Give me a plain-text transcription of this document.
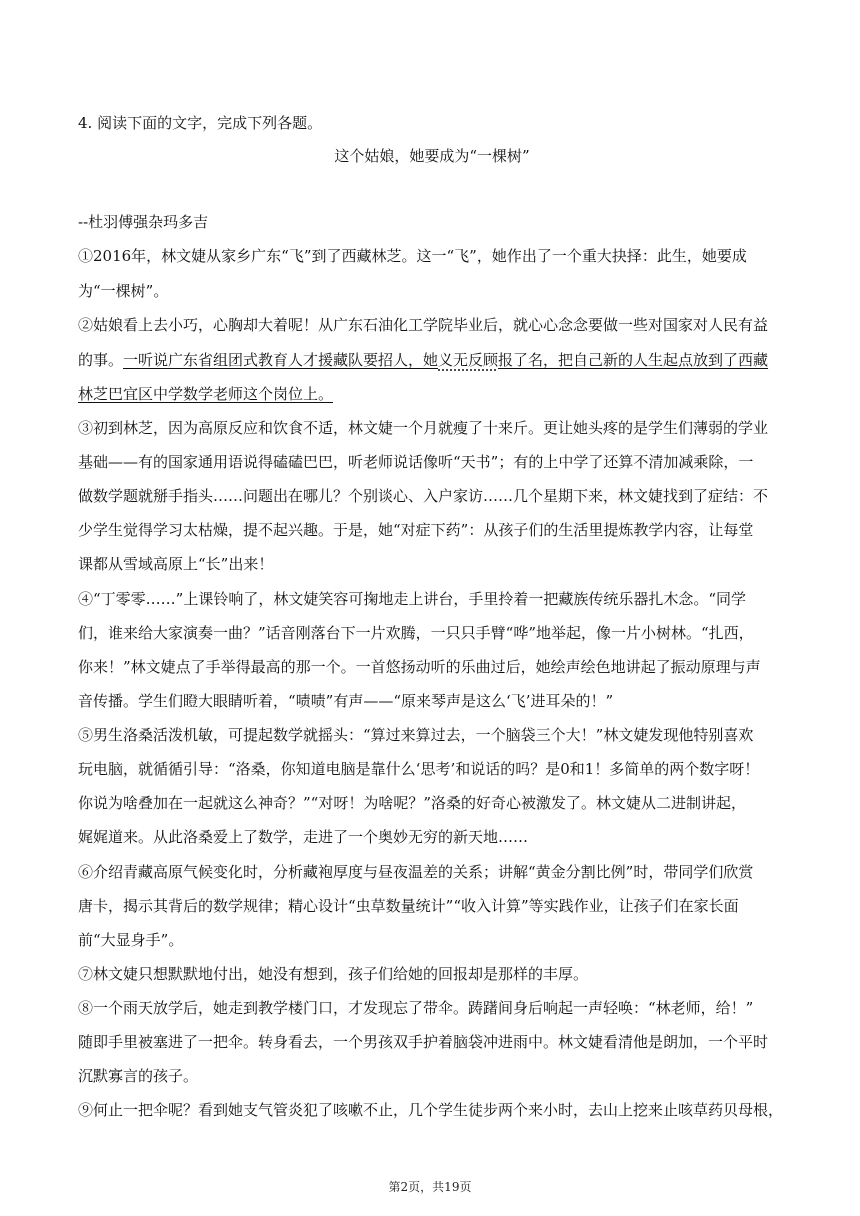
4. 阅读下面的文字，完成下列各题。
这个姑娘，她要成为“一棵树”
--杜羽傅强杂玛多吉
①2016年，林文婕从家乡广东“飞”到了西藏林芝。这一“飞”，她作出了一个重大抉择：此生，她要成
为“一棵树”。
②姑娘看上去小巧，心胸却大着呢！从广东石油化工学院毕业后，就心心念念要做一些对国家对人民有益
的事。一听说广东省组团式教育人才援藏队要招人，她义无反顾报了名，把自己新的人生起点放到了西藏
林芝巴宜区中学数学老师这个岗位上。
③初到林芝，因为高原反应和饮食不适，林文婕一个月就瘦了十来斤。更让她头疼的是学生们薄弱的学业
基础——有的国家通用语说得磕磕巴巴，听老师说话像听“天书”；有的上中学了还算不清加减乘除，一
做数学题就掰手指头……问题出在哪儿？个别谈心、入户家访……几个星期下来，林文婕找到了症结：不
少学生觉得学习太枯燥，提不起兴趣。于是，她“对症下药”：从孩子们的生活里提炼教学内容，让每堂
课都从雪域高原上“长”出来！
④“丁零零……”上课铃响了，林文婕笑容可掬地走上讲台，手里拎着一把藏族传统乐器扎木念。“同学
们，谁来给大家演奏一曲？”话音刚落台下一片欢腾，一只只手臂“哗”地举起，像一片小树林。“扎西，
你来！”林文婕点了手举得最高的那一个。一首悠扬动听的乐曲过后，她绘声绘色地讲起了振动原理与声
音传播。学生们瞪大眼睛听着，“啧啧”有声——“原来琴声是这么‘飞’进耳朵的！”
⑤男生洛桑活泼机敏，可提起数学就摇头：“算过来算过去，一个脑袋三个大！”林文婕发现他特别喜欢
玩电脑，就循循引导：“洛桑，你知道电脑是靠什么‘思考’和说话的吗？是0和1！多简单的两个数字呀！
你说为啥叠加在一起就这么神奇？”“对呀！为啥呢？”洛桑的好奇心被激发了。林文婕从二进制讲起，
娓娓道来。从此洛桑爱上了数学，走进了一个奥妙无穷的新天地……
⑥介绍青藏高原气候变化时，分析藏袍厚度与昼夜温差的关系；讲解“黄金分割比例”时，带同学们欣赏
唐卡，揭示其背后的数学规律；精心设计“虫草数量统计”“收入计算”等实践作业，让孩子们在家长面
前“大显身手”。
⑦林文婕只想默默地付出，她没有想到，孩子们给她的回报却是那样的丰厚。
⑧一个雨天放学后，她走到教学楼门口，才发现忘了带伞。踌躇间身后响起一声轻唤：“林老师，给！”
随即手里被塞进了一把伞。转身看去，一个男孩双手护着脑袋冲进雨中。林文婕看清他是朗加，一个平时
沉默寡言的孩子。
⑨何止一把伞呢？看到她支气管炎犯了咳嗽不止，几个学生徒步两个来小时，去山上挖来止咳草药贝母根，
第2页，共19页
